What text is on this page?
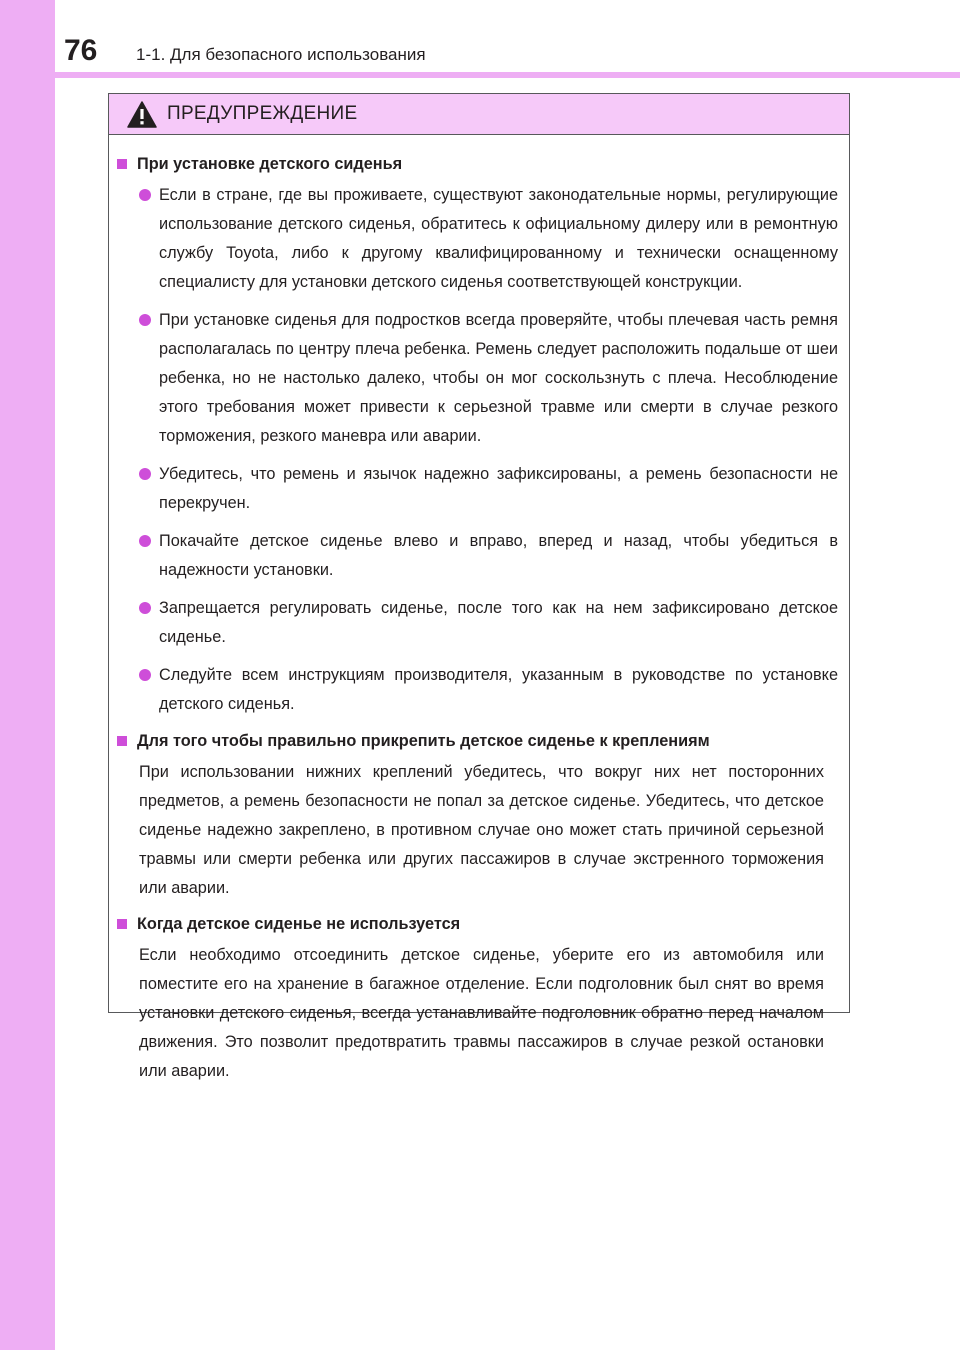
76 1-1. Для безопасного использования
ПРЕДУПРЕЖДЕНИЕ
При установке детского сиденья
Если в стране, где вы проживаете, существуют законодательные нормы, регулирующие использование детского сиденья, обратитесь к официальному дилеру или в ремонтную службу Toyota, либо к другому квалифицированному и технически оснащенному специалисту для установки детского сиденья соответствующей конструкции.
При установке сиденья для подростков всегда проверяйте, чтобы плечевая часть ремня располагалась по центру плеча ребенка. Ремень следует расположить подальше от шеи ребенка, но не настолько далеко, чтобы он мог соскользнуть с плеча. Несоблюдение этого требования может привести к серьезной травме или смерти в случае резкого торможения, резкого маневра или аварии.
Убедитесь, что ремень и язычок надежно зафиксированы, а ремень безопасности не перекручен.
Покачайте детское сиденье влево и вправо, вперед и назад, чтобы убедиться в надежности установки.
Запрещается регулировать сиденье, после того как на нем зафиксировано детское сиденье.
Следуйте всем инструкциям производителя, указанным в руководстве по установке детского сиденья.
Для того чтобы правильно прикрепить детское сиденье к креплениям
При использовании нижних креплений убедитесь, что вокруг них нет посторонних предметов, а ремень безопасности не попал за детское сиденье. Убедитесь, что детское сиденье надежно закреплено, в противном случае оно может стать причиной серьезной травмы или смерти ребенка или других пассажиров в случае экстренного торможения или аварии.
Когда детское сиденье не используется
Если необходимо отсоединить детское сиденье, уберите его из автомобиля или поместите его на хранение в багажное отделение. Если подголовник был снят во время установки детского сиденья, всегда устанавливайте подголовник обратно перед началом движения. Это позволит предотвратить травмы пассажиров в случае резкой остановки или аварии.
